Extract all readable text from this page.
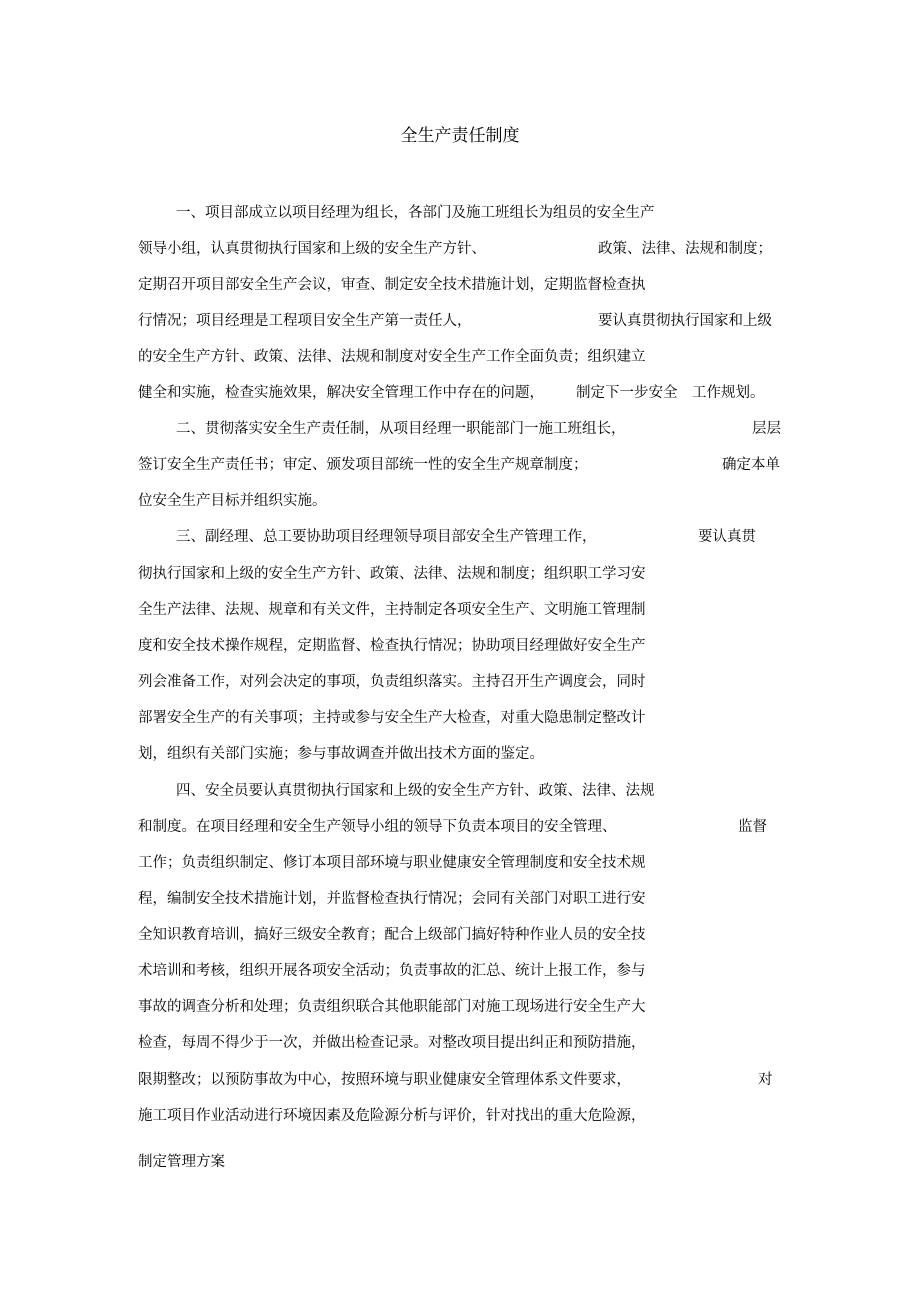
全生产责任制度
一、项目部成立以项目经理为组长，各部门及施工班组长为组员的安全生产
领导小组，认真贯彻执行国家和上级的安全生产方针、	政策、法律、法规和制度；
定期召开项目部安全生产会议，审查、制定安全技术措施计划，定期监督检查执
行情况；项目经理是工程项目安全生产第一责任人，	要认真贯彻执行国家和上级
的安全生产方针、政策、法律、法规和制度对安全生产工作全面负责；组织建立
健全和实施，检查实施效果，解决安全管理工作中存在的问题， 制定下一步安全 工作规划。
二、贯彻落实安全生产责任制，从项目经理一职能部门一施工班组长，	层层
签订安全生产责任书；审定、颁发项目部统一性的安全生产规章制度；	确定本单
位安全生产目标并组织实施。
三、副经理、总工要协助项目经理领导项目部安全生产管理工作，	要认真贯
彻执行国家和上级的安全生产方针、政策、法律、法规和制度；组织职工学习安
全生产法律、法规、规章和有关文件，主持制定各项安全生产、文明施工管理制
度和安全技术操作规程，定期监督、检查执行情况；协助项目经理做好安全生产
列会准备工作，对列会决定的事项，负责组织落实。主持召开生产调度会，同时
部署安全生产的有关事项；主持或参与安全生产大检查，对重大隐患制定整改计
划，组织有关部门实施；参与事故调查并做出技术方面的鉴定。
四、安全员要认真贯彻执行国家和上级的安全生产方针、政策、法律、法规
和制度。在项目经理和安全生产领导小组的领导下负责本项目的安全管理、	监督
工作；负责组织制定、修订本项目部环境与职业健康安全管理制度和安全技术规
程，编制安全技术措施计划，并监督检查执行情况；会同有关部门对职工进行安
全知识教育培训，搞好三级安全教育；配合上级部门搞好特种作业人员的安全技
术培训和考核，组织开展各项安全活动；负责事故的汇总、统计上报工作，参与
事故的调查分析和处理；负责组织联合其他职能部门对施工现场进行安全生产大
检查，每周不得少于一次，并做出检查记录。对整改项目提出纠正和预防措施，
限期整改；以预防事故为中心，按照环境与职业健康安全管理体系文件要求，	对
施工项目作业活动进行环境因素及危险源分析与评价，针对找出的重大危险源，
制定管理方案
